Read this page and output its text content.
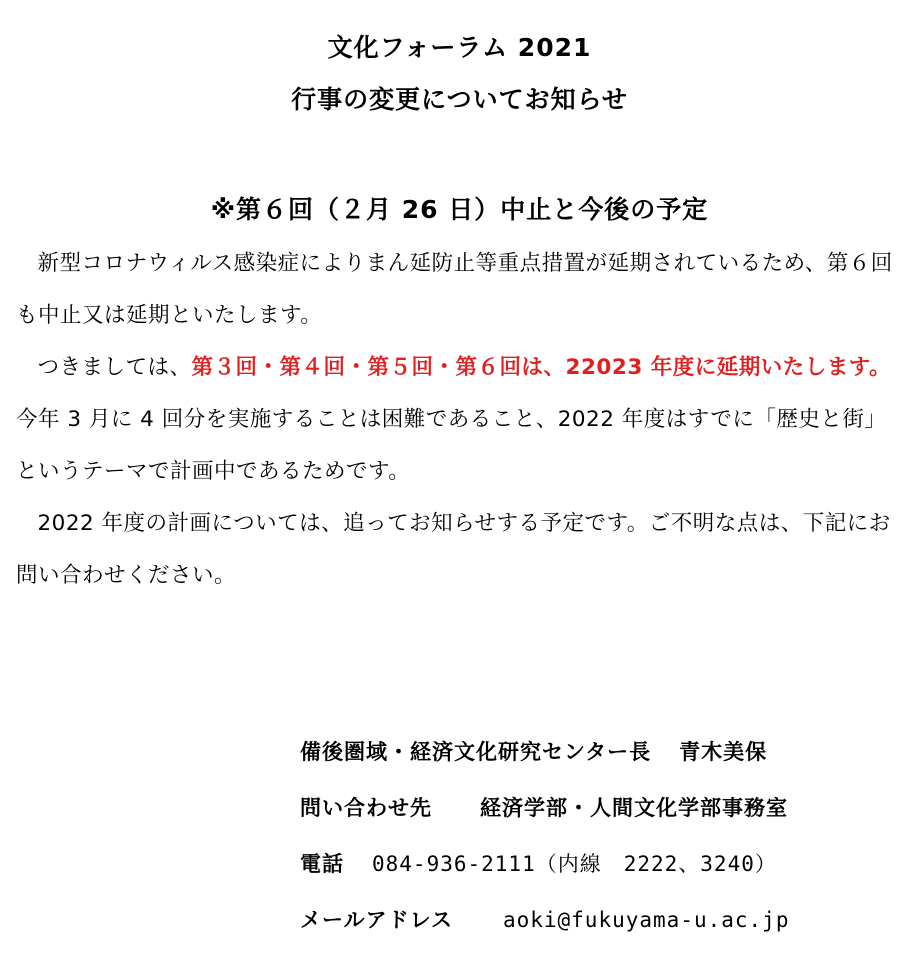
文化フォーラム 2021
行事の変更についてお知らせ
※第６回（２月 26 日）中止と今後の予定

新型コロナウィルス感染症によりまん延防止等重点措置が延期されているため、第６回も中止又は延期といたします。

つきましては、第３回・第４回・第５回・第６回は、22023 年度に延期いたします。今年 3 月に 4 回分を実施することは困難であること、2022 年度はすでに「歴史と街」というテーマで計画中であるためです。

2022 年度の計画については、追ってお知らせする予定です。ご不明な点は、下記にお問い合わせください。

備後圏域・経済文化研究センター長 青木美保
問い合わせ先 経済学部・人間文化学部事務室
電話 084-936-2111（内線　2222、3240）
メールアドレス aoki@fukuyama-u.ac.jp
